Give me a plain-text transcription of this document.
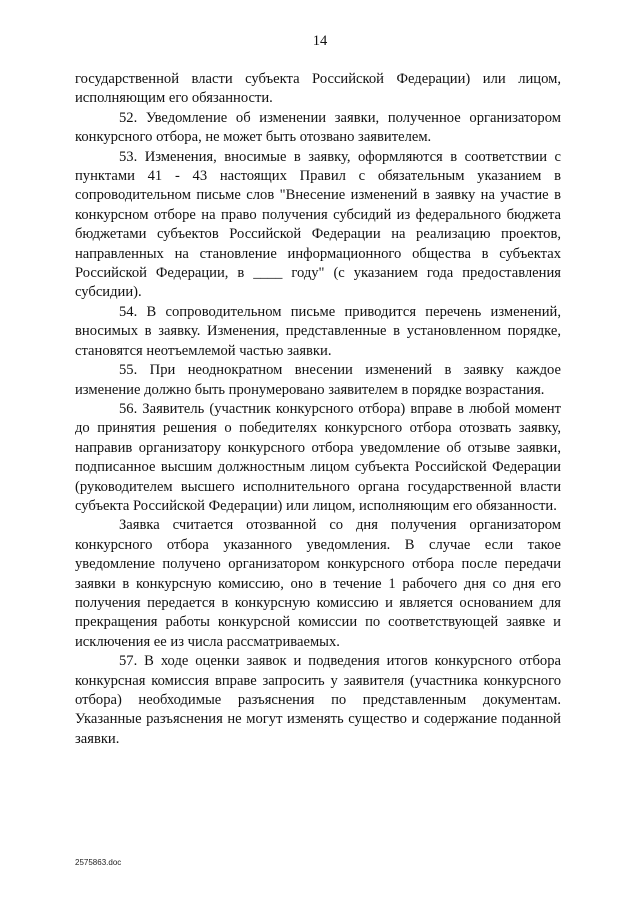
14

государственной власти субъекта Российской Федерации) или лицом, исполняющим его обязанности.

52. Уведомление об изменении заявки, полученное организатором конкурсного отбора, не может быть отозвано заявителем.

53. Изменения, вносимые в заявку, оформляются в соответствии с пунктами 41 - 43 настоящих Правил с обязательным указанием в сопроводительном письме слов "Внесение изменений в заявку на участие в конкурсном отборе на право получения субсидий из федерального бюджета бюджетами субъектов Российской Федерации на реализацию проектов, направленных на становление информационного общества в субъектах Российской Федерации, в ____ году" (с указанием года предоставления субсидии).

54. В сопроводительном письме приводится перечень изменений, вносимых в заявку. Изменения, представленные в установленном порядке, становятся неотъемлемой частью заявки.

55. При неоднократном внесении изменений в заявку каждое изменение должно быть пронумеровано заявителем в порядке возрастания.

56. Заявитель (участник конкурсного отбора) вправе в любой момент до принятия решения о победителях конкурсного отбора отозвать заявку, направив организатору конкурсного отбора уведомление об отзыве заявки, подписанное высшим должностным лицом субъекта Российской Федерации (руководителем высшего исполнительного органа государственной власти субъекта Российской Федерации) или лицом, исполняющим его обязанности.

Заявка считается отозванной со дня получения организатором конкурсного отбора указанного уведомления. В случае если такое уведомление получено организатором конкурсного отбора после передачи заявки в конкурсную комиссию, оно в течение 1 рабочего дня со дня его получения передается в конкурсную комиссию и является основанием для прекращения работы конкурсной комиссии по соответствующей заявке и исключения ее из числа рассматриваемых.

57. В ходе оценки заявок и подведения итогов конкурсного отбора конкурсная комиссия вправе запросить у заявителя (участника конкурсного отбора) необходимые разъяснения по представленным документам. Указанные разъяснения не могут изменять существо и содержание поданной заявки.

2575863.doc
